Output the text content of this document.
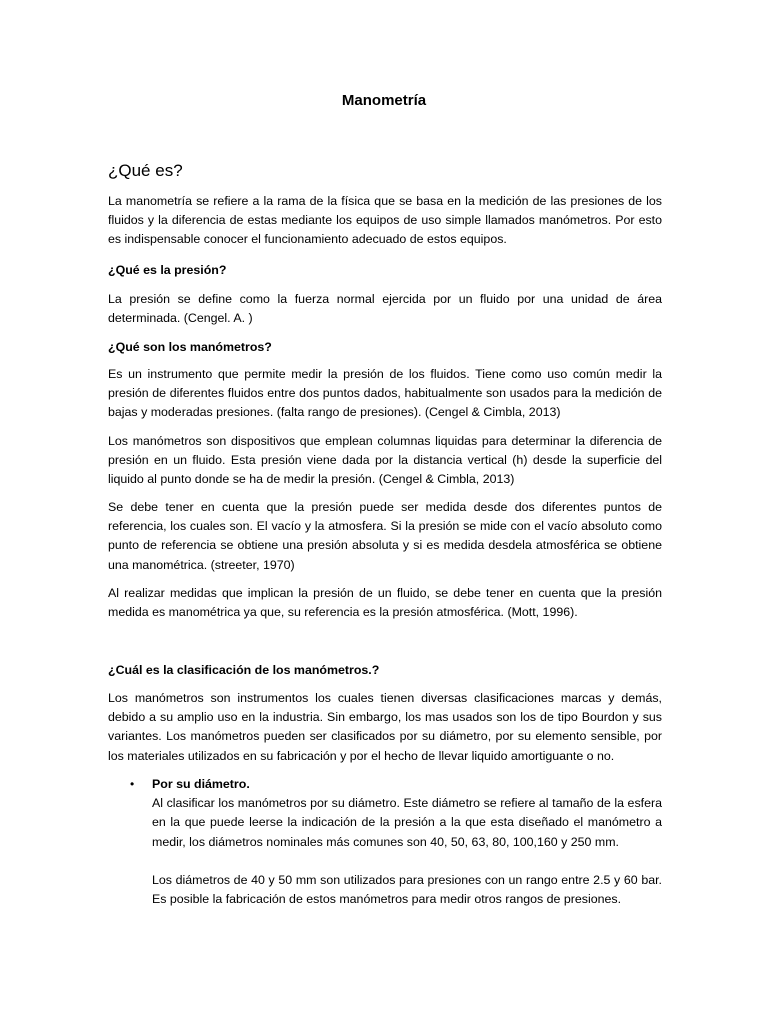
Manometría
¿Qué es?
La manometría se refiere a la rama de la física que se basa en la medición de las presiones de los fluidos y la diferencia de estas mediante los equipos de uso simple llamados manómetros. Por esto es indispensable conocer el funcionamiento adecuado de estos equipos.
¿Qué es la presión?
La presión se define como la fuerza normal ejercida por un fluido por una unidad de área determinada. (Cengel. A. )
¿Qué son los manómetros?
Es un instrumento que permite medir la presión de los fluidos. Tiene como uso común medir la presión de diferentes fluidos entre dos puntos dados, habitualmente son usados para la medición de bajas y moderadas presiones. (falta rango de presiones). (Cengel & Cimbla, 2013)
Los manómetros son dispositivos que emplean columnas liquidas para determinar la diferencia de presión en un fluido. Esta presión viene dada por la distancia vertical (h) desde la superficie del liquido al punto donde se ha de medir la presión. (Cengel & Cimbla, 2013)
Se debe tener en cuenta que la presión puede ser medida desde dos diferentes puntos de referencia, los cuales son. El vacío y la atmosfera. Si la presión se mide con el vacío absoluto como punto de referencia se obtiene una presión absoluta y si es medida desdela atmosférica se obtiene una manométrica. (streeter, 1970)
Al realizar medidas que implican la presión de un fluido, se debe tener en cuenta que la presión medida es manométrica ya que, su referencia es la presión atmosférica. (Mott, 1996).
¿Cuál es la clasificación de los manómetros.?
Los manómetros son instrumentos los cuales tienen diversas clasificaciones marcas y demás, debido a su amplio uso en la industria. Sin embargo, los mas usados son los de tipo Bourdon y sus variantes. Los manómetros pueden ser clasificados por su diámetro, por su elemento sensible, por los materiales utilizados en su fabricación y por el hecho de llevar liquido amortiguante o no.
• Por su diámetro.
Al clasificar los manómetros por su diámetro. Este diámetro se refiere al tamaño de la esfera en la que puede leerse la indicación de la presión a la que esta diseñado el manómetro a medir, los diámetros nominales más comunes son 40, 50, 63, 80, 100,160 y 250 mm.
Los diámetros de 40 y 50 mm son utilizados para presiones con un rango entre 2.5 y 60 bar. Es posible la fabricación de estos manómetros para medir otros rangos de presiones.
